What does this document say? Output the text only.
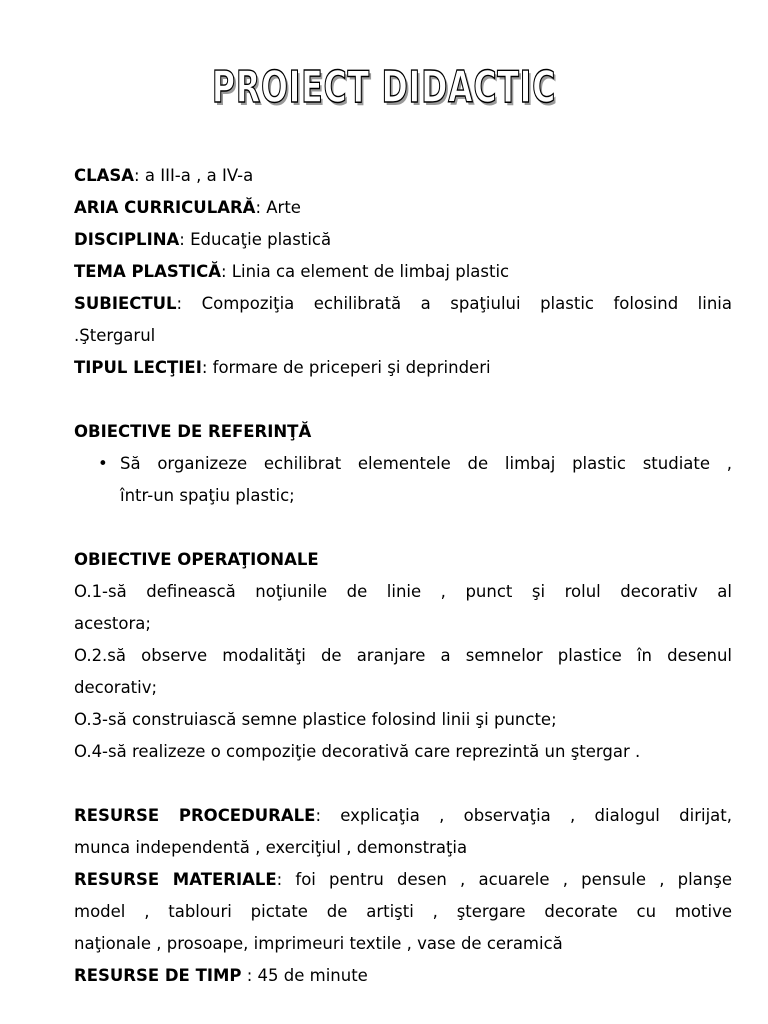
PROIECT DIDACTIC
CLASA: a III-a , a IV-a
ARIA CURRICULARĂ: Arte
DISCIPLINA: Educaţie plastică
TEMA PLASTICĂ: Linia ca element de limbaj plastic
SUBIECTUL: Compoziţia echilibrată a spaţiului plastic folosind linia
.Ştergarul
TIPUL LECŢIEI: formare de priceperi şi deprinderi
OBIECTIVE DE REFERINŢĂ
• Să organizeze echilibrat elementele de limbaj plastic studiate ,
într-un spaţiu plastic;
OBIECTIVE OPERAŢIONALE
O.1-să definească noţiunile de linie , punct şi rolul decorativ al
acestora;
O.2.să observe modalităţi de aranjare a semnelor plastice în desenul
decorativ;
O.3-să construiască semne plastice folosind linii şi puncte;
O.4-să realizeze o compoziţie decorativă care reprezintă un ştergar .
RESURSE PROCEDURALE: explicaţia , observaţia , dialogul dirijat,
munca independentă , exerciţiul , demonstraţia
RESURSE MATERIALE: foi pentru desen , acuarele , pensule , planşe
model , tablouri pictate de artişti , ştergare decorate cu motive
naţionale , prosoape, imprimeuri textile , vase de ceramică
RESURSE DE TIMP : 45 de minute
